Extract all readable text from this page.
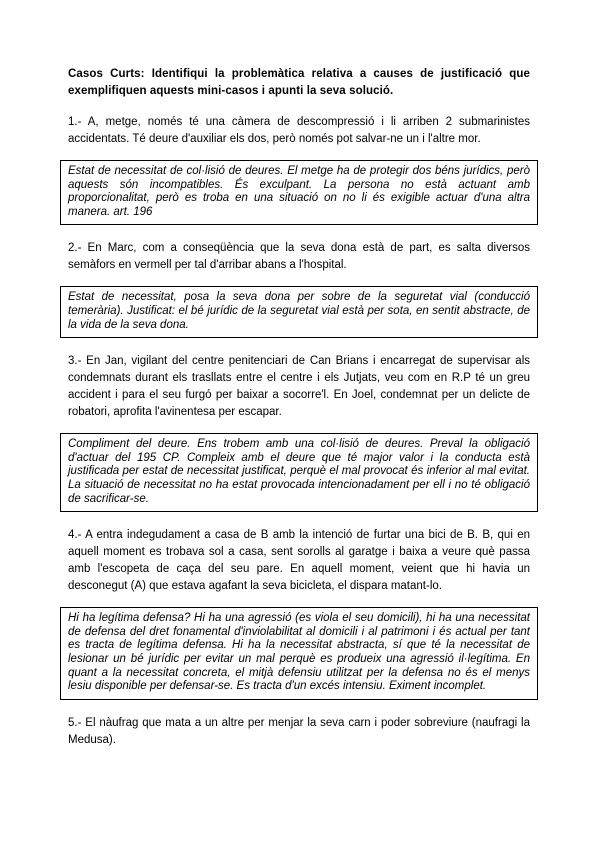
Casos Curts: Identifiqui la problemàtica relativa a causes de justificació que exemplifiquen aquests mini-casos i apunti la seva solució.

1.- A, metge, només té una càmera de descompressió i li arriben 2 submarinistes accidentats. Té deure d'auxiliar els dos, però només pot salvar-ne un i l'altre mor.

Estat de necessitat de col·lisió de deures. El metge ha de protegir dos béns jurídics, però aquests són incompatibles. És exculpant. La persona no està actuant amb proporcionalitat, però es troba en una situació on no li és exigible actuar d'una altra manera. art. 196

2.- En Marc, com a conseqüència que la seva dona està de part, es salta diversos semàfors en vermell per tal d'arribar abans a l'hospital.

Estat de necessitat, posa la seva dona per sobre de la seguretat vial (conducció temerària). Justificat: el bé jurídic de la seguretat vial està per sota, en sentit abstracte, de la vida de la seva dona.

3.- En Jan, vigilant del centre penitenciari de Can Brians i encarregat de supervisar als condemnats durant els trasllats entre el centre i els Jutjats, veu com en R.P té un greu accident i para el seu furgó per baixar a socorre'l. En Joel, condemnat per un delicte de robatori, aprofita l'avinentesa per escapar.

Compliment del deure. Ens trobem amb una col·lisió de deures. Preval la obligació d'actuar del 195 CP. Compleix amb el deure que té major valor i la conducta està justificada per estat de necessitat justificat, perquè el mal provocat és inferior al mal evitat. La situació de necessitat no ha estat provocada intencionadament per ell i no té obligació de sacrificar-se.

4.- A entra indegudament a casa de B amb la intenció de furtar una bici de B. B, qui en aquell moment es trobava sol a casa, sent sorolls al garatge i baixa a veure què passa amb l'escopeta de caça del seu pare. En aquell moment, veient que hi havia un desconegut (A) que estava agafant la seva bicicleta, el dispara matant-lo.

Hi ha legítima defensa? Hi ha una agressió (es viola el seu domicili), hi ha una necessitat de defensa del dret fonamental d'inviolabilitat al domicili i al patrimoni i és actual per tant es tracta de legítima defensa. Hi ha la necessitat abstracta, sí que té la necessitat de lesionar un bé jurídic per evitar un mal perquè es produeix una agressió il·legítima. En quant a la necessitat concreta, el mitjà defensiu utilitzat per la defensa no és el menys lesiu disponible per defensar-se. Es tracta d'un excés intensiu. Eximent incomplet.

5.- El nàufrag que mata a un altre per menjar la seva carn i poder sobreviure (naufragi la Medusa).
